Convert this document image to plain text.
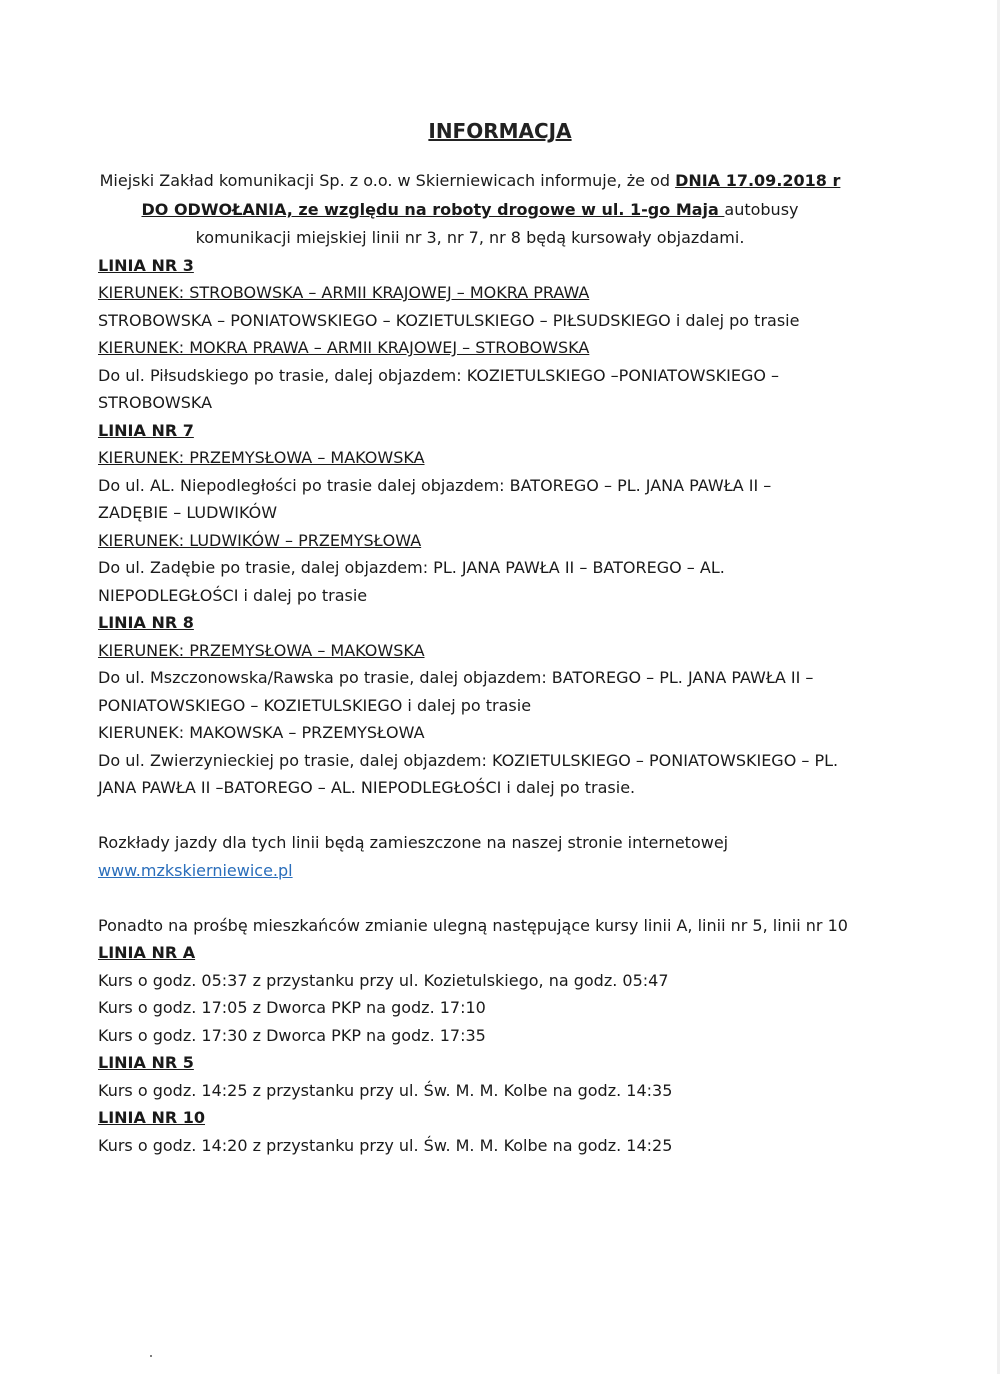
INFORMACJA
Miejski Zakład komunikacji Sp. z o.o. w Skierniewicach informuje, że od DNIA 17.09.2018 r
DO ODWOŁANIA, ze względu na roboty drogowe w ul. 1-go Maja autobusy
komunikacji miejskiej linii nr 3, nr 7, nr 8 będą kursowały objazdami.
LINIA NR 3
KIERUNEK: STROBOWSKA – ARMII KRAJOWEJ – MOKRA PRAWA
STROBOWSKA – PONIATOWSKIEGO – KOZIETULSKIEGO – PIŁSUDSKIEGO i dalej po trasie
KIERUNEK: MOKRA PRAWA – ARMII KRAJOWEJ – STROBOWSKA
Do ul. Piłsudskiego po trasie, dalej objazdem: KOZIETULSKIEGO –PONIATOWSKIEGO –
STROBOWSKA
LINIA NR 7
KIERUNEK: PRZEMYSŁOWA – MAKOWSKA
Do ul. AL. Niepodległości po trasie dalej objazdem: BATOREGO – PL. JANA PAWŁA II –
ZADĘBIE – LUDWIKÓW
KIERUNEK: LUDWIKÓW – PRZEMYSŁOWA
Do ul. Zadębie po trasie, dalej objazdem: PL. JANA PAWŁA II – BATOREGO – AL.
NIEPODLEGŁOŚCI i dalej po trasie
LINIA NR 8
KIERUNEK: PRZEMYSŁOWA – MAKOWSKA
Do ul. Mszczonowska/Rawska po trasie, dalej objazdem: BATOREGO – PL. JANA PAWŁA II –
PONIATOWSKIEGO – KOZIETULSKIEGO i dalej po trasie
KIERUNEK: MAKOWSKA – PRZEMYSŁOWA
Do ul. Zwierzynieckiej po trasie, dalej objazdem: KOZIETULSKIEGO – PONIATOWSKIEGO – PL.
JANA PAWŁA II –BATOREGO – AL. NIEPODLEGŁOŚCI i dalej po trasie.
Rozkłady jazdy dla tych linii będą zamieszczone na naszej stronie internetowej
www.mzkskierniewice.pl
Ponadto na prośbę mieszkańców zmianie ulegną następujące kursy linii A, linii nr 5, linii nr 10
LINIA NR A
Kurs o godz. 05:37 z przystanku przy ul. Kozietulskiego, na godz. 05:47
Kurs o godz. 17:05 z Dworca PKP na godz. 17:10
Kurs o godz. 17:30 z Dworca PKP na godz. 17:35
LINIA NR 5
Kurs o godz. 14:25 z przystanku przy ul. Św. M. M. Kolbe na godz. 14:35
LINIA NR 10
Kurs o godz. 14:20 z przystanku przy ul. Św. M. M. Kolbe na godz. 14:25
